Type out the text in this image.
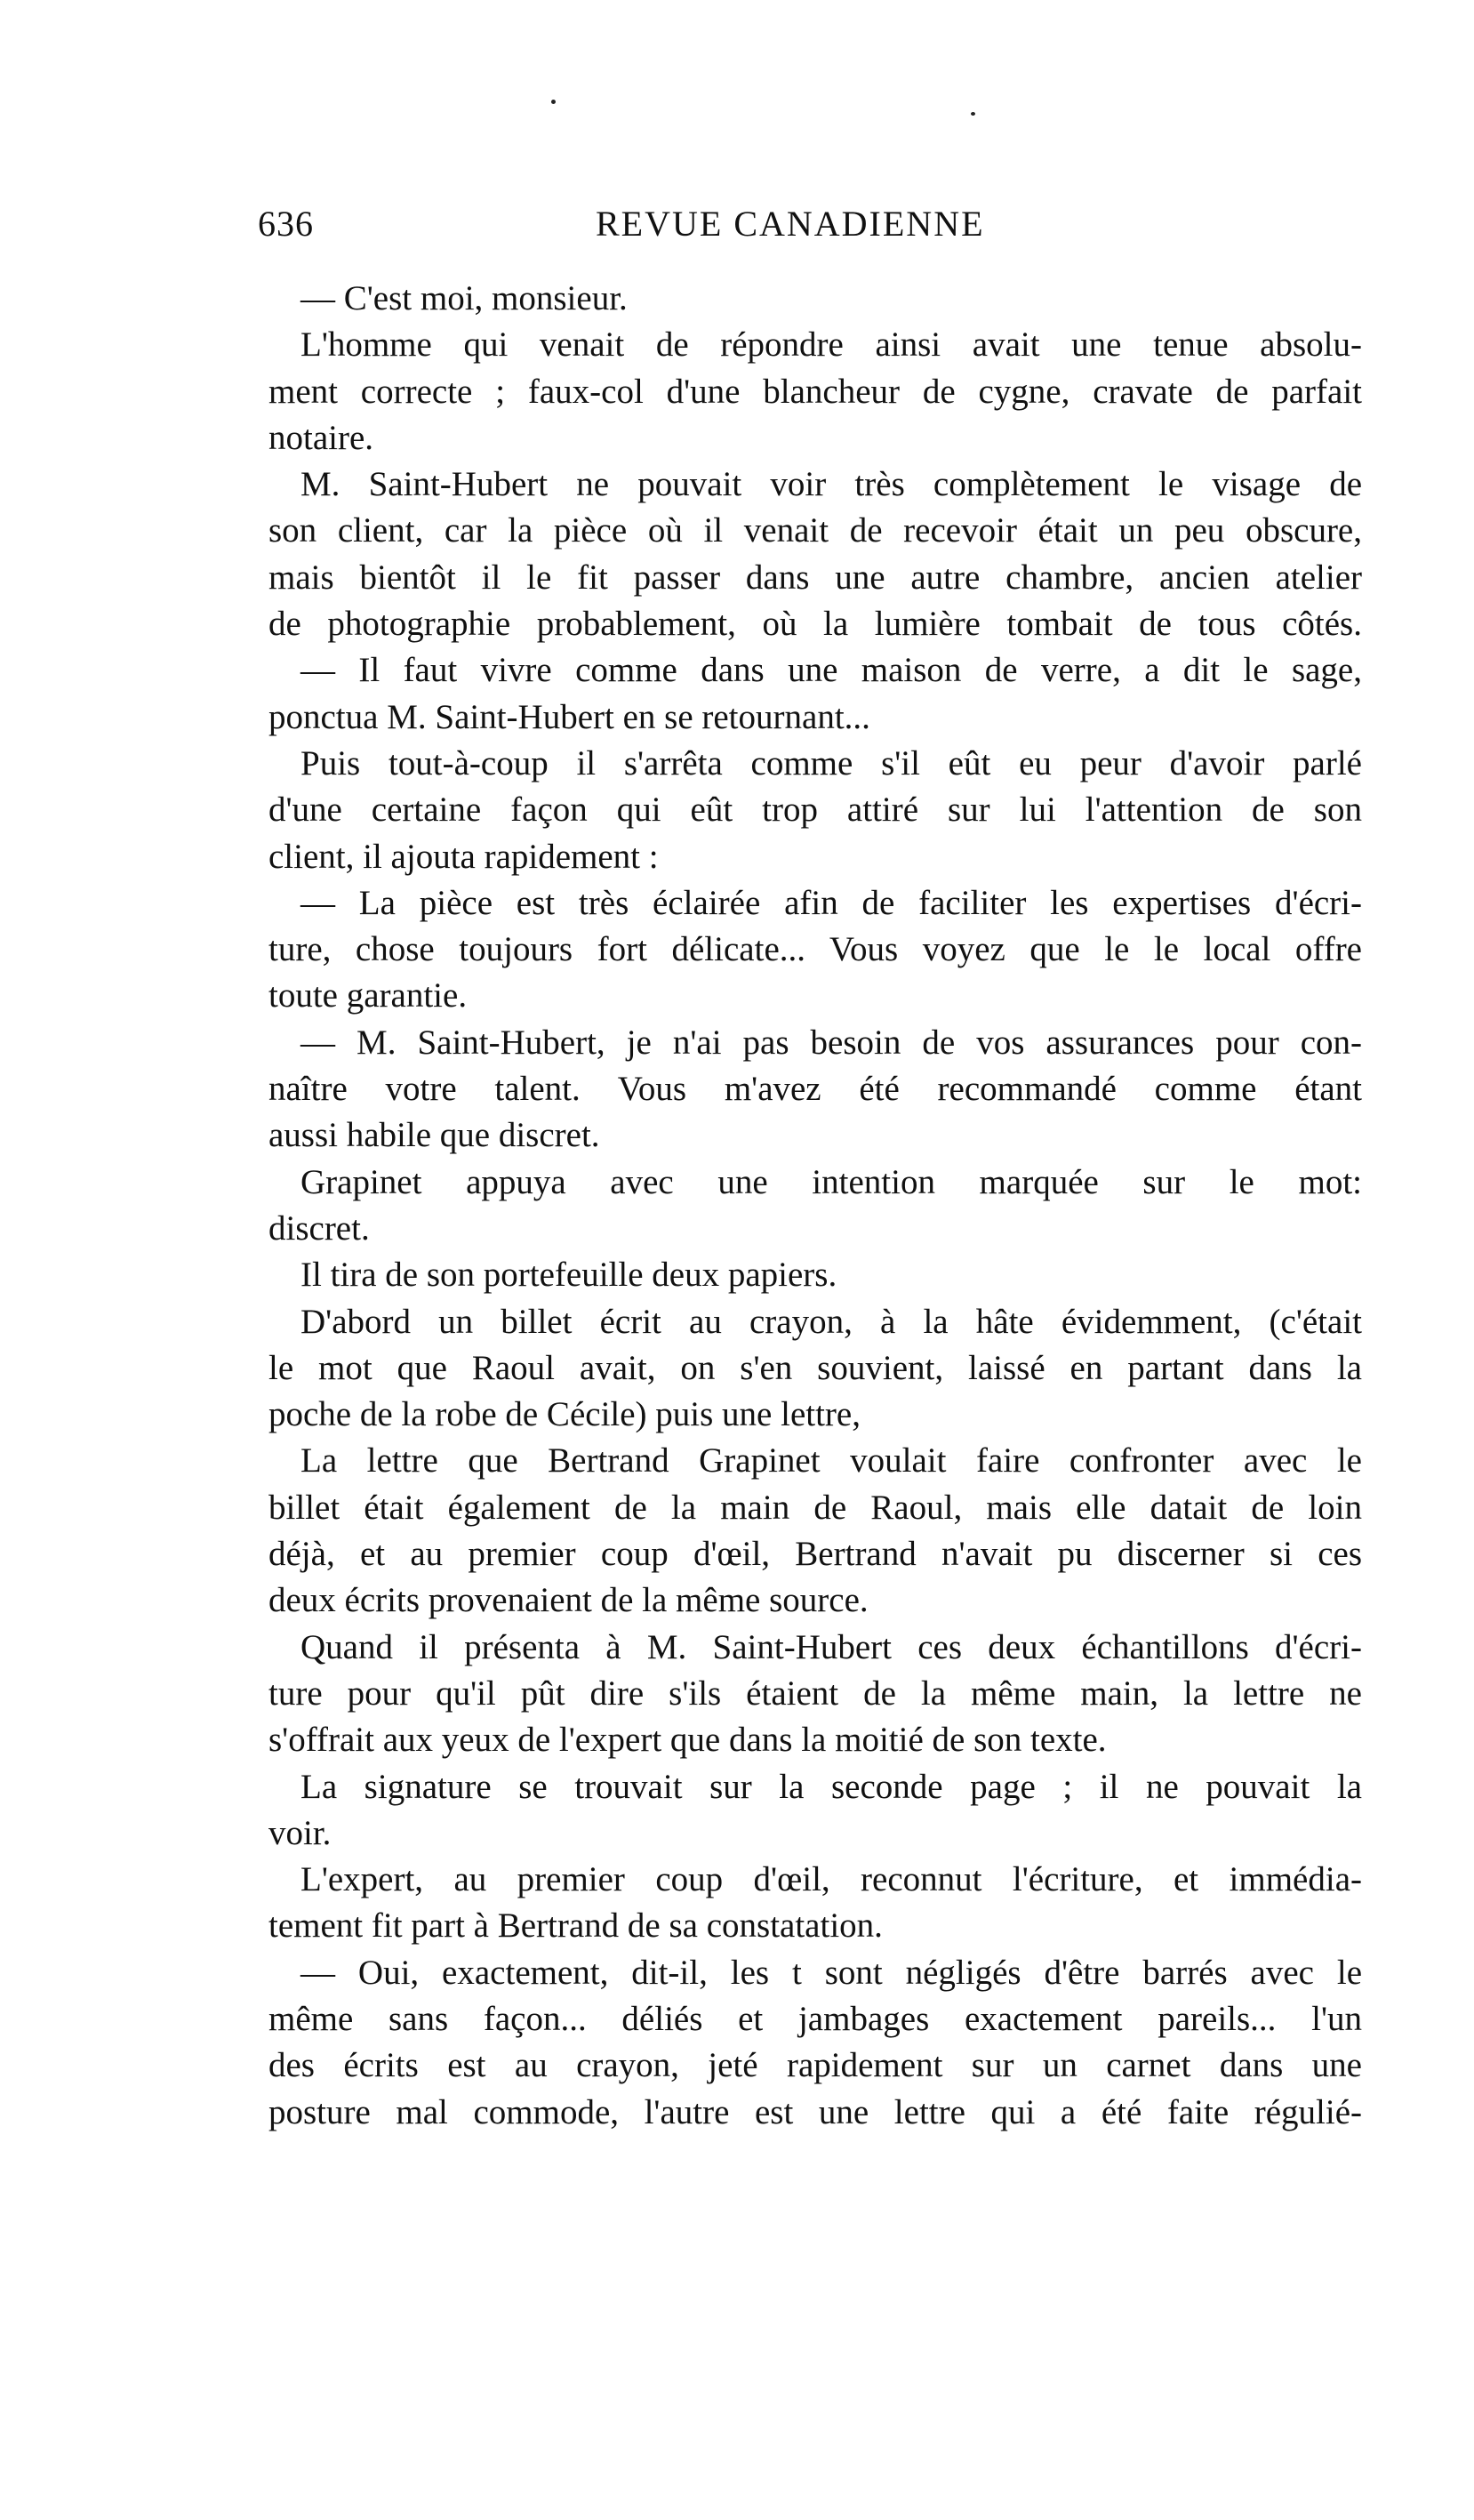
636	REVUE CANADIENNE
— C'est moi, monsieur.
L'homme qui venait de répondre ainsi avait une tenue absolu-
ment correcte ; faux-col d'une blancheur de cygne, cravate de parfait
notaire.
M. Saint-Hubert ne pouvait voir très complètement le visage de
son client, car la pièce où il venait de recevoir était un peu obscure,
mais bientôt il le fit passer dans une autre chambre, ancien atelier
de photographie probablement, où la lumière tombait de tous côtés.
— Il faut vivre comme dans une maison de verre, a dit le sage,
ponctua M. Saint-Hubert en se retournant...
Puis tout-à-coup il s'arrêta comme s'il eût eu peur d'avoir parlé
d'une certaine façon qui eût trop attiré sur lui l'attention de son
client, il ajouta rapidement :
— La pièce est très éclairée afin de faciliter les expertises d'écri-
ture, chose toujours fort délicate... Vous voyez que le le local offre
toute garantie.
— M. Saint-Hubert, je n'ai pas besoin de vos assurances pour con-
naître votre talent. Vous m'avez été recommandé comme étant
aussi habile que discret.
Grapinet appuya avec une intention marquée sur le mot:
discret.
Il tira de son portefeuille deux papiers.
D'abord un billet écrit au crayon, à la hâte évidemment, (c'était
le mot que Raoul avait, on s'en souvient, laissé en partant dans la
poche de la robe de Cécile) puis une lettre,
La lettre que Bertrand Grapinet voulait faire confronter avec le
billet était également de la main de Raoul, mais elle datait de loin
déjà, et au premier coup d'œil, Bertrand n'avait pu discerner si ces
deux écrits provenaient de la même source.
Quand il présenta à M. Saint-Hubert ces deux échantillons d'écri-
ture pour qu'il pût dire s'ils étaient de la même main, la lettre ne
s'offrait aux yeux de l'expert que dans la moitié de son texte.
La signature se trouvait sur la seconde page ; il ne pouvait la
voir.
L'expert, au premier coup d'œil, reconnut l'écriture, et immédia-
tement fit part à Bertrand de sa constatation.
— Oui, exactement, dit-il, les t sont négligés d'être barrés avec le
même sans façon... déliés et jambages exactement pareils... l'un
des écrits est au crayon, jeté rapidement sur un carnet dans une
posture mal commode, l'autre est une lettre qui a été faite régulié-
